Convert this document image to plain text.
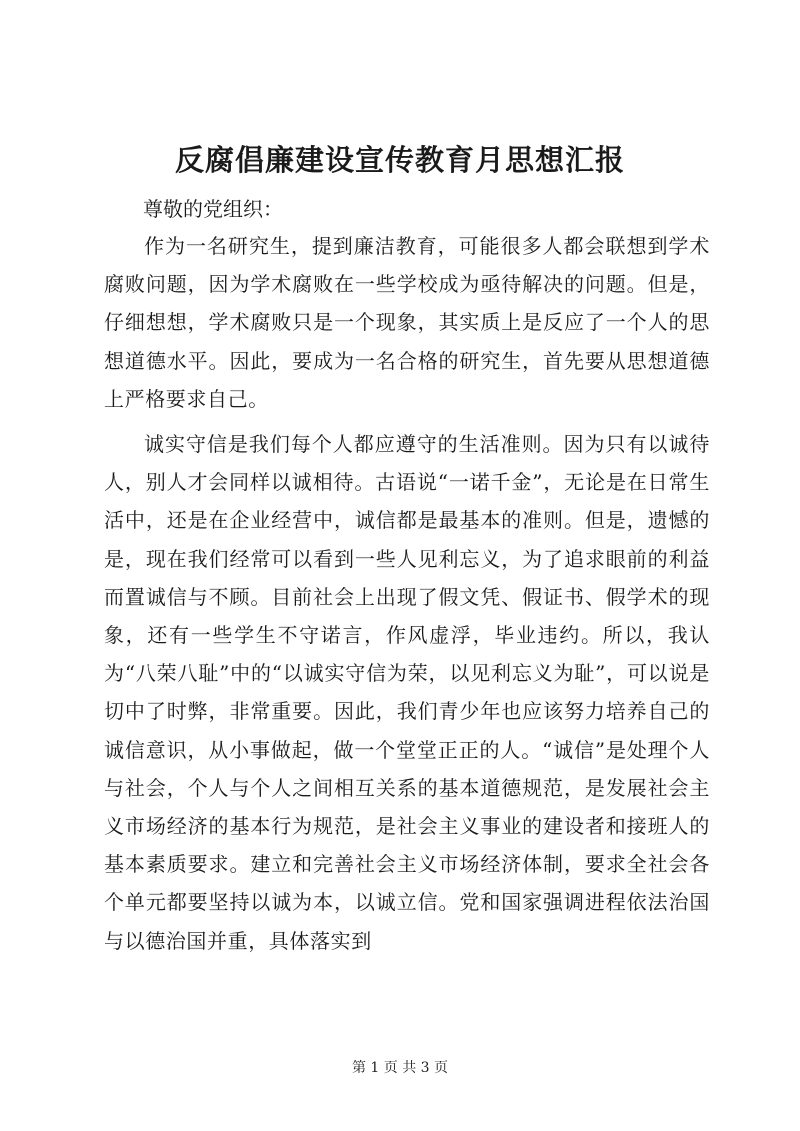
反腐倡廉建设宣传教育月思想汇报

尊敬的党组织：

作为一名研究生，提到廉洁教育，可能很多人都会联想到学术腐败问题，因为学术腐败在一些学校成为亟待解决的问题。但是，仔细想想，学术腐败只是一个现象，其实质上是反应了一个人的思想道德水平。因此，要成为一名合格的研究生，首先要从思想道德上严格要求自己。

诚实守信是我们每个人都应遵守的生活准则。因为只有以诚待人，别人才会同样以诚相待。古语说“一诺千金”，无论是在日常生活中，还是在企业经营中，诚信都是最基本的准则。但是，遗憾的是，现在我们经常可以看到一些人见利忘义，为了追求眼前的利益而置诚信与不顾。目前社会上出现了假文凭、假证书、假学术的现象，还有一些学生不守诺言，作风虚浮，毕业违约。所以，我认为“八荣八耻”中的“以诚实守信为荣，以见利忘义为耻”，可以说是切中了时弊，非常重要。因此，我们青少年也应该努力培养自己的诚信意识，从小事做起，做一个堂堂正正的人。“诚信”是处理个人与社会，个人与个人之间相互关系的基本道德规范，是发展社会主义市场经济的基本行为规范，是社会主义事业的建设者和接班人的基本素质要求。建立和完善社会主义市场经济体制，要求全社会各个单元都要坚持以诚为本，以诚立信。党和国家强调进程依法治国与以德治国并重，具体落实到

第 1 页 共 3 页
